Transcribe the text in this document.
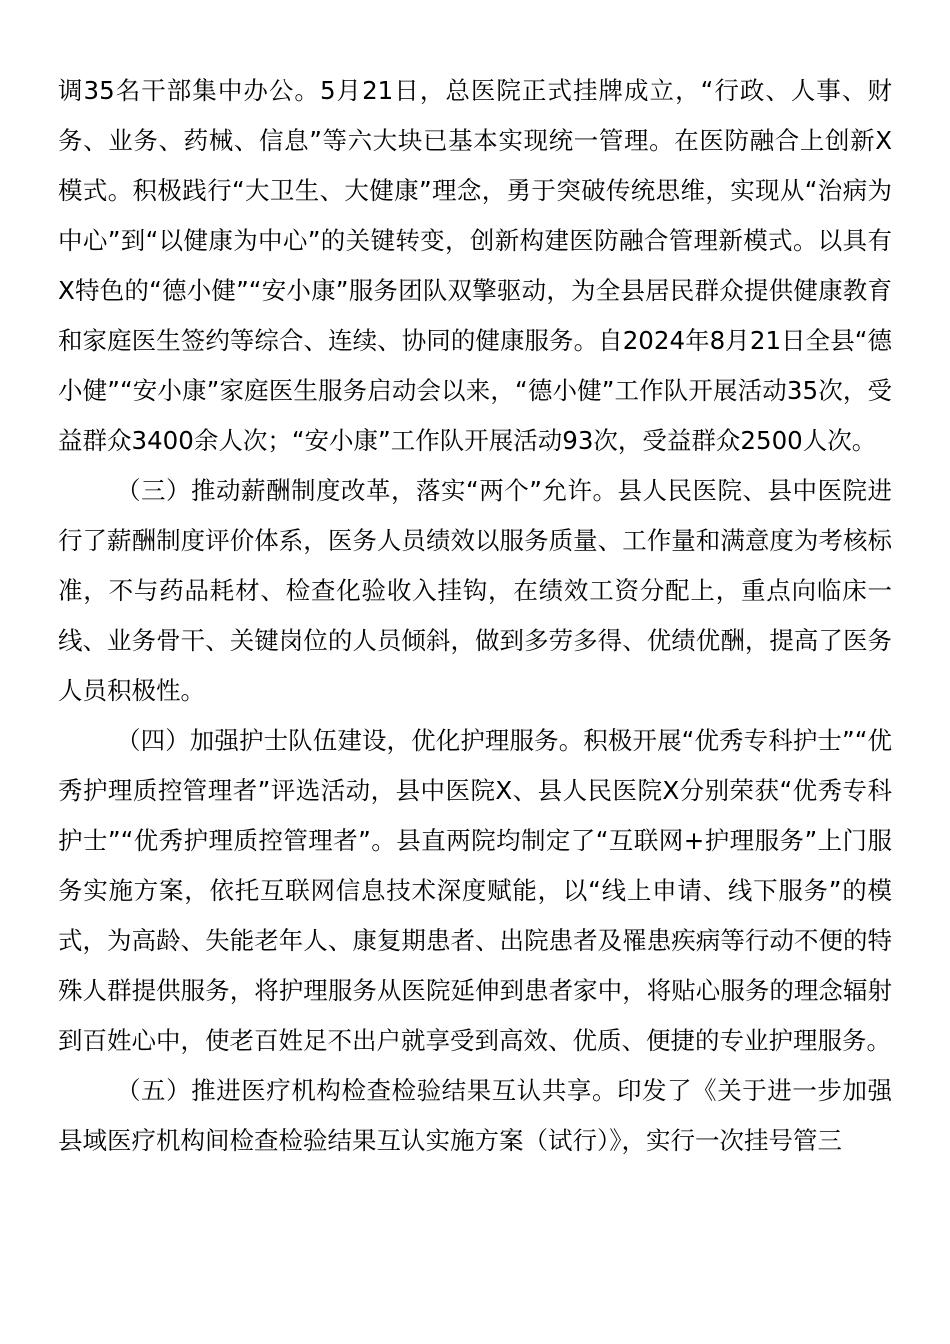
调35名干部集中办公。5月21日，总医院正式挂牌成立，“行政、人事、财务、业务、药械、信息”等六大块已基本实现统一管理。在医防融合上创新X模式。积极践行“大卫生、大健康”理念，勇于突破传统思维，实现从“治病为中心”到“以健康为中心”的关键转变，创新构建医防融合管理新模式。以具有X特色的“德小健”“安小康”服务团队双擎驱动，为全县居民群众提供健康教育和家庭医生签约等综合、连续、协同的健康服务。自2024年8月21日全县“德小健”“安小康”家庭医生服务启动会以来，“德小健”工作队开展活动35次，受益群众3400余人次；“安小康”工作队开展活动93次，受益群众2500人次。

（三）推动薪酬制度改革，落实“两个”允许。县人民医院、县中医院进行了薪酬制度评价体系，医务人员绩效以服务质量、工作量和满意度为考核标准，不与药品耗材、检查化验收入挂钩，在绩效工资分配上，重点向临床一线、业务骨干、关键岗位的人员倾斜，做到多劳多得、优绩优酬，提高了医务人员积极性。

（四）加强护士队伍建设，优化护理服务。积极开展“优秀专科护士”“优秀护理质控管理者”评选活动，县中医院X、县人民医院X分别荣获“优秀专科护士”“优秀护理质控管理者”。县直两院均制定了“互联网+护理服务”上门服务实施方案，依托互联网信息技术深度赋能，以“线上申请、线下服务”的模式，为高龄、失能老年人、康复期患者、出院患者及罹患疾病等行动不便的特殊人群提供服务，将护理服务从医院延伸到患者家中，将贴心服务的理念辐射到百姓心中，使老百姓足不出户就享受到高效、优质、便捷的专业护理服务。

（五）推进医疗机构检查检验结果互认共享。印发了《关于进一步加强县域医疗机构间检查检验结果互认实施方案（试行）》，实行一次挂号管三
